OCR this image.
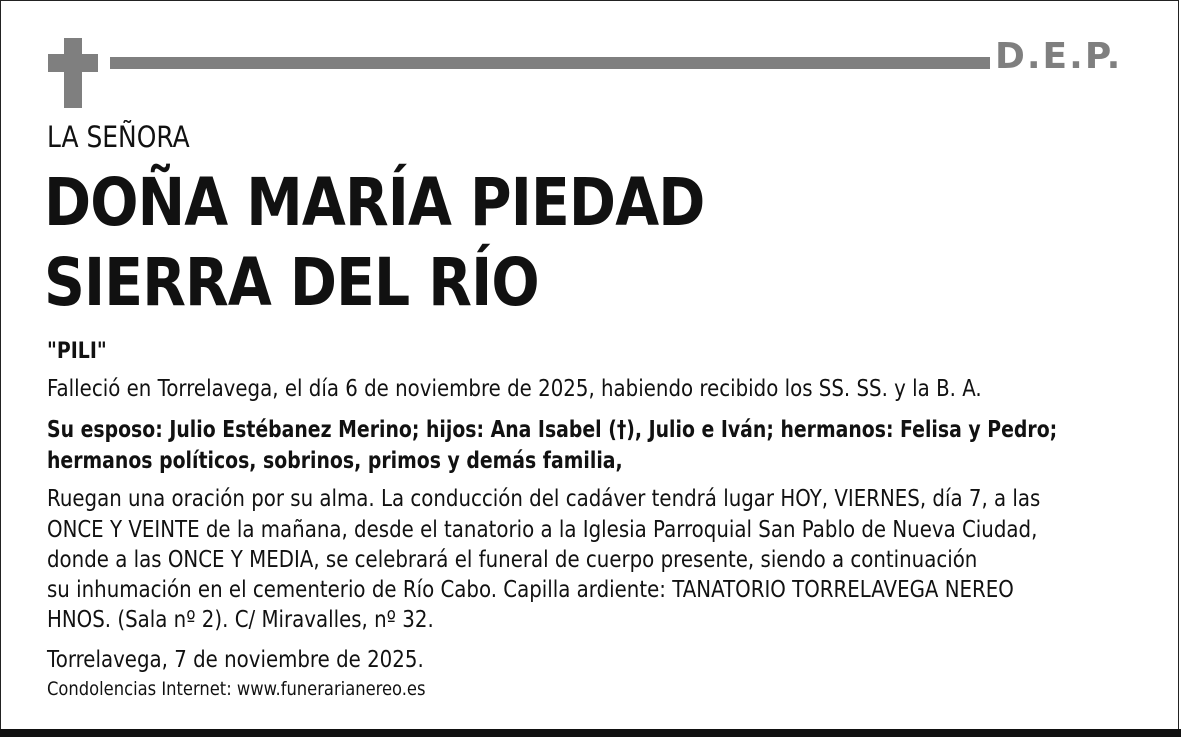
D.E.P.
LA SEÑORA
DOÑA MARÍA PIEDAD
SIERRA DEL RÍO
"PILI"
Falleció en Torrelavega, el día 6 de noviembre de 2025, habiendo recibido los SS. SS. y la B. A.
Su esposo: Julio Estébanez Merino; hijos: Ana Isabel (†), Julio e Iván; hermanos: Felisa y Pedro;
hermanos políticos, sobrinos, primos y demás familia,
Ruegan una oración por su alma. La conducción del cadáver tendrá lugar HOY, VIERNES, día 7, a las
ONCE Y VEINTE de la mañana, desde el tanatorio a la Iglesia Parroquial San Pablo de Nueva Ciudad,
donde a las ONCE Y MEDIA, se celebrará el funeral de cuerpo presente, siendo a continuación
su inhumación en el cementerio de Río Cabo. Capilla ardiente: TANATORIO TORRELAVEGA NEREO
HNOS. (Sala nº 2). C/ Miravalles, nº 32.
Torrelavega, 7 de noviembre de 2025.
Condolencias Internet: www.funerarianereo.es
